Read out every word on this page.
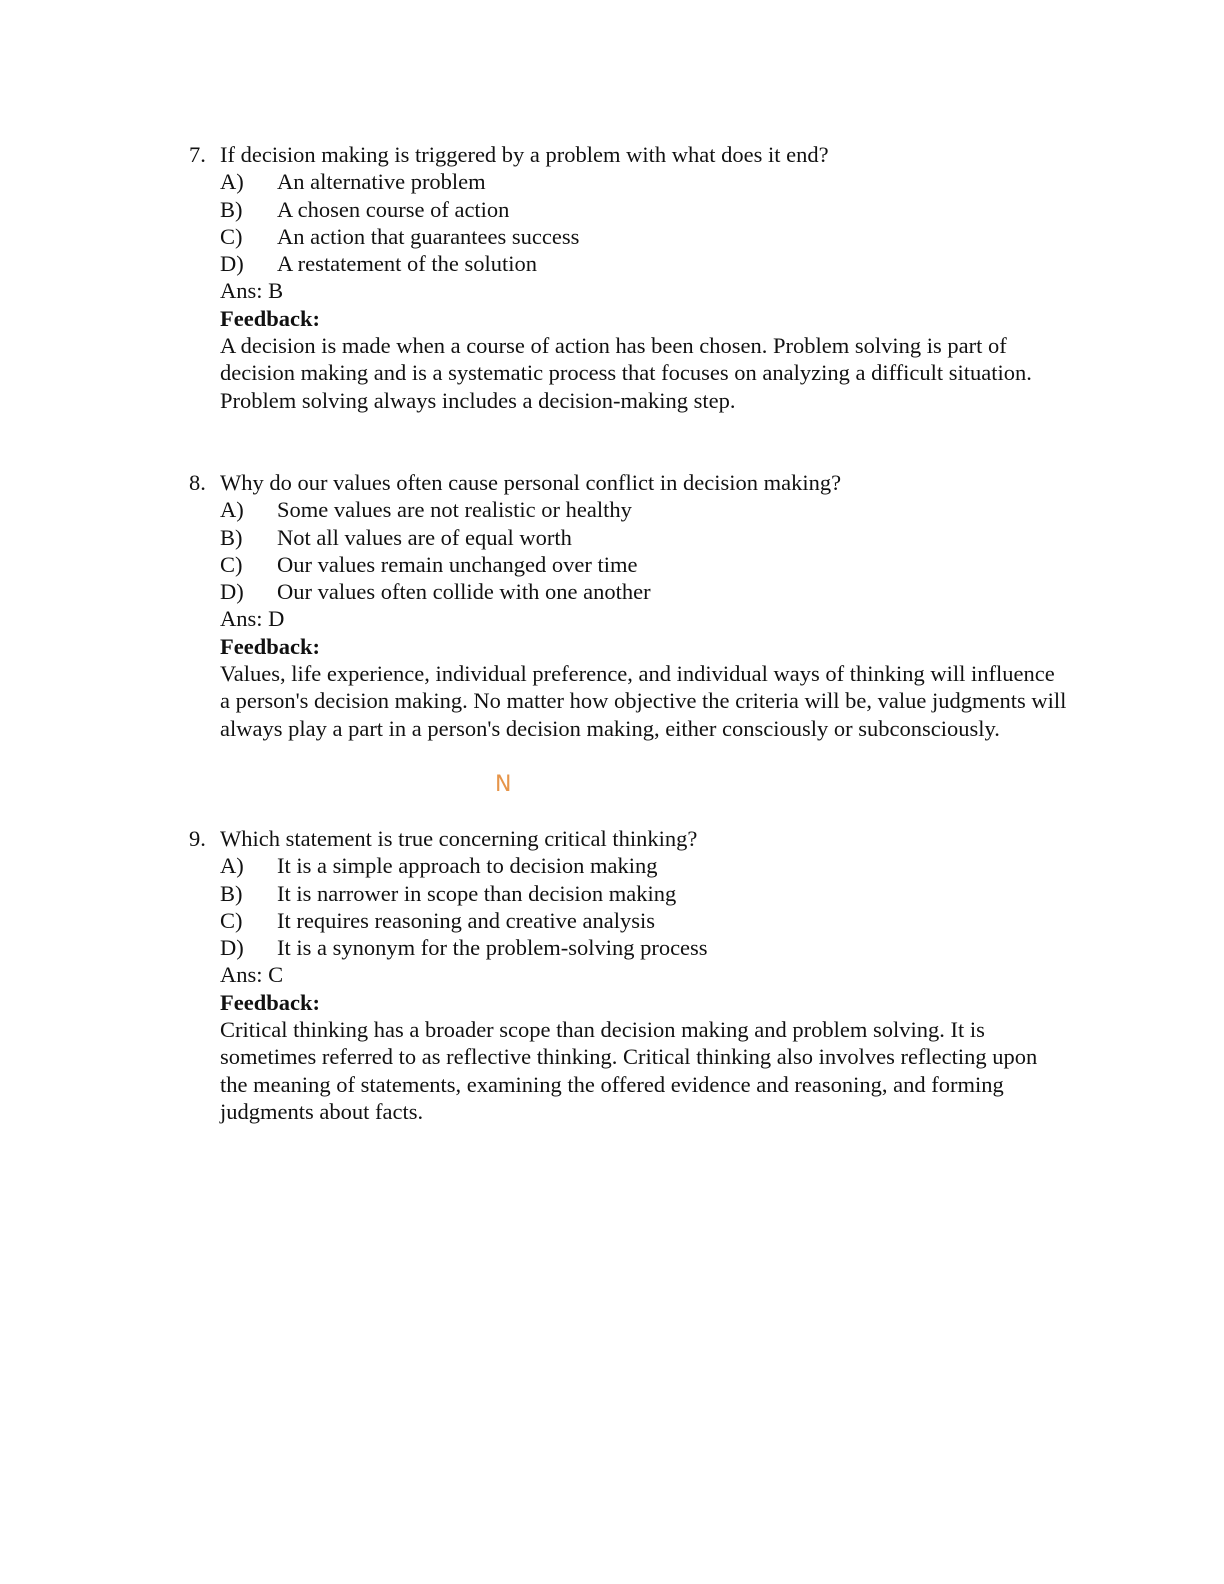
7. If decision making is triggered by a problem with what does it end?
A)	An alternative problem
B)	A chosen course of action
C)	An action that guarantees success
D)	A restatement of the solution
Ans: B
Feedback:
A decision is made when a course of action has been chosen. Problem solving is part of decision making and is a systematic process that focuses on analyzing a difficult situation. Problem solving always includes a decision-making step.
8. Why do our values often cause personal conflict in decision making?
A)	Some values are not realistic or healthy
B)	Not all values are of equal worth
C)	Our values remain unchanged over time
D)	Our values often collide with one another
Ans: D
Feedback:
Values, life experience, individual preference, and individual ways of thinking will influence a person's decision making. No matter how objective the criteria will be, value judgments will always play a part in a person's decision making, either consciously or subconsciously.
N
9. Which statement is true concerning critical thinking?
A)	It is a simple approach to decision making
B)	It is narrower in scope than decision making
C)	It requires reasoning and creative analysis
D)	It is a synonym for the problem-solving process
Ans: C
Feedback:
Critical thinking has a broader scope than decision making and problem solving. It is sometimes referred to as reflective thinking. Critical thinking also involves reflecting upon the meaning of statements, examining the offered evidence and reasoning, and forming judgments about facts.
